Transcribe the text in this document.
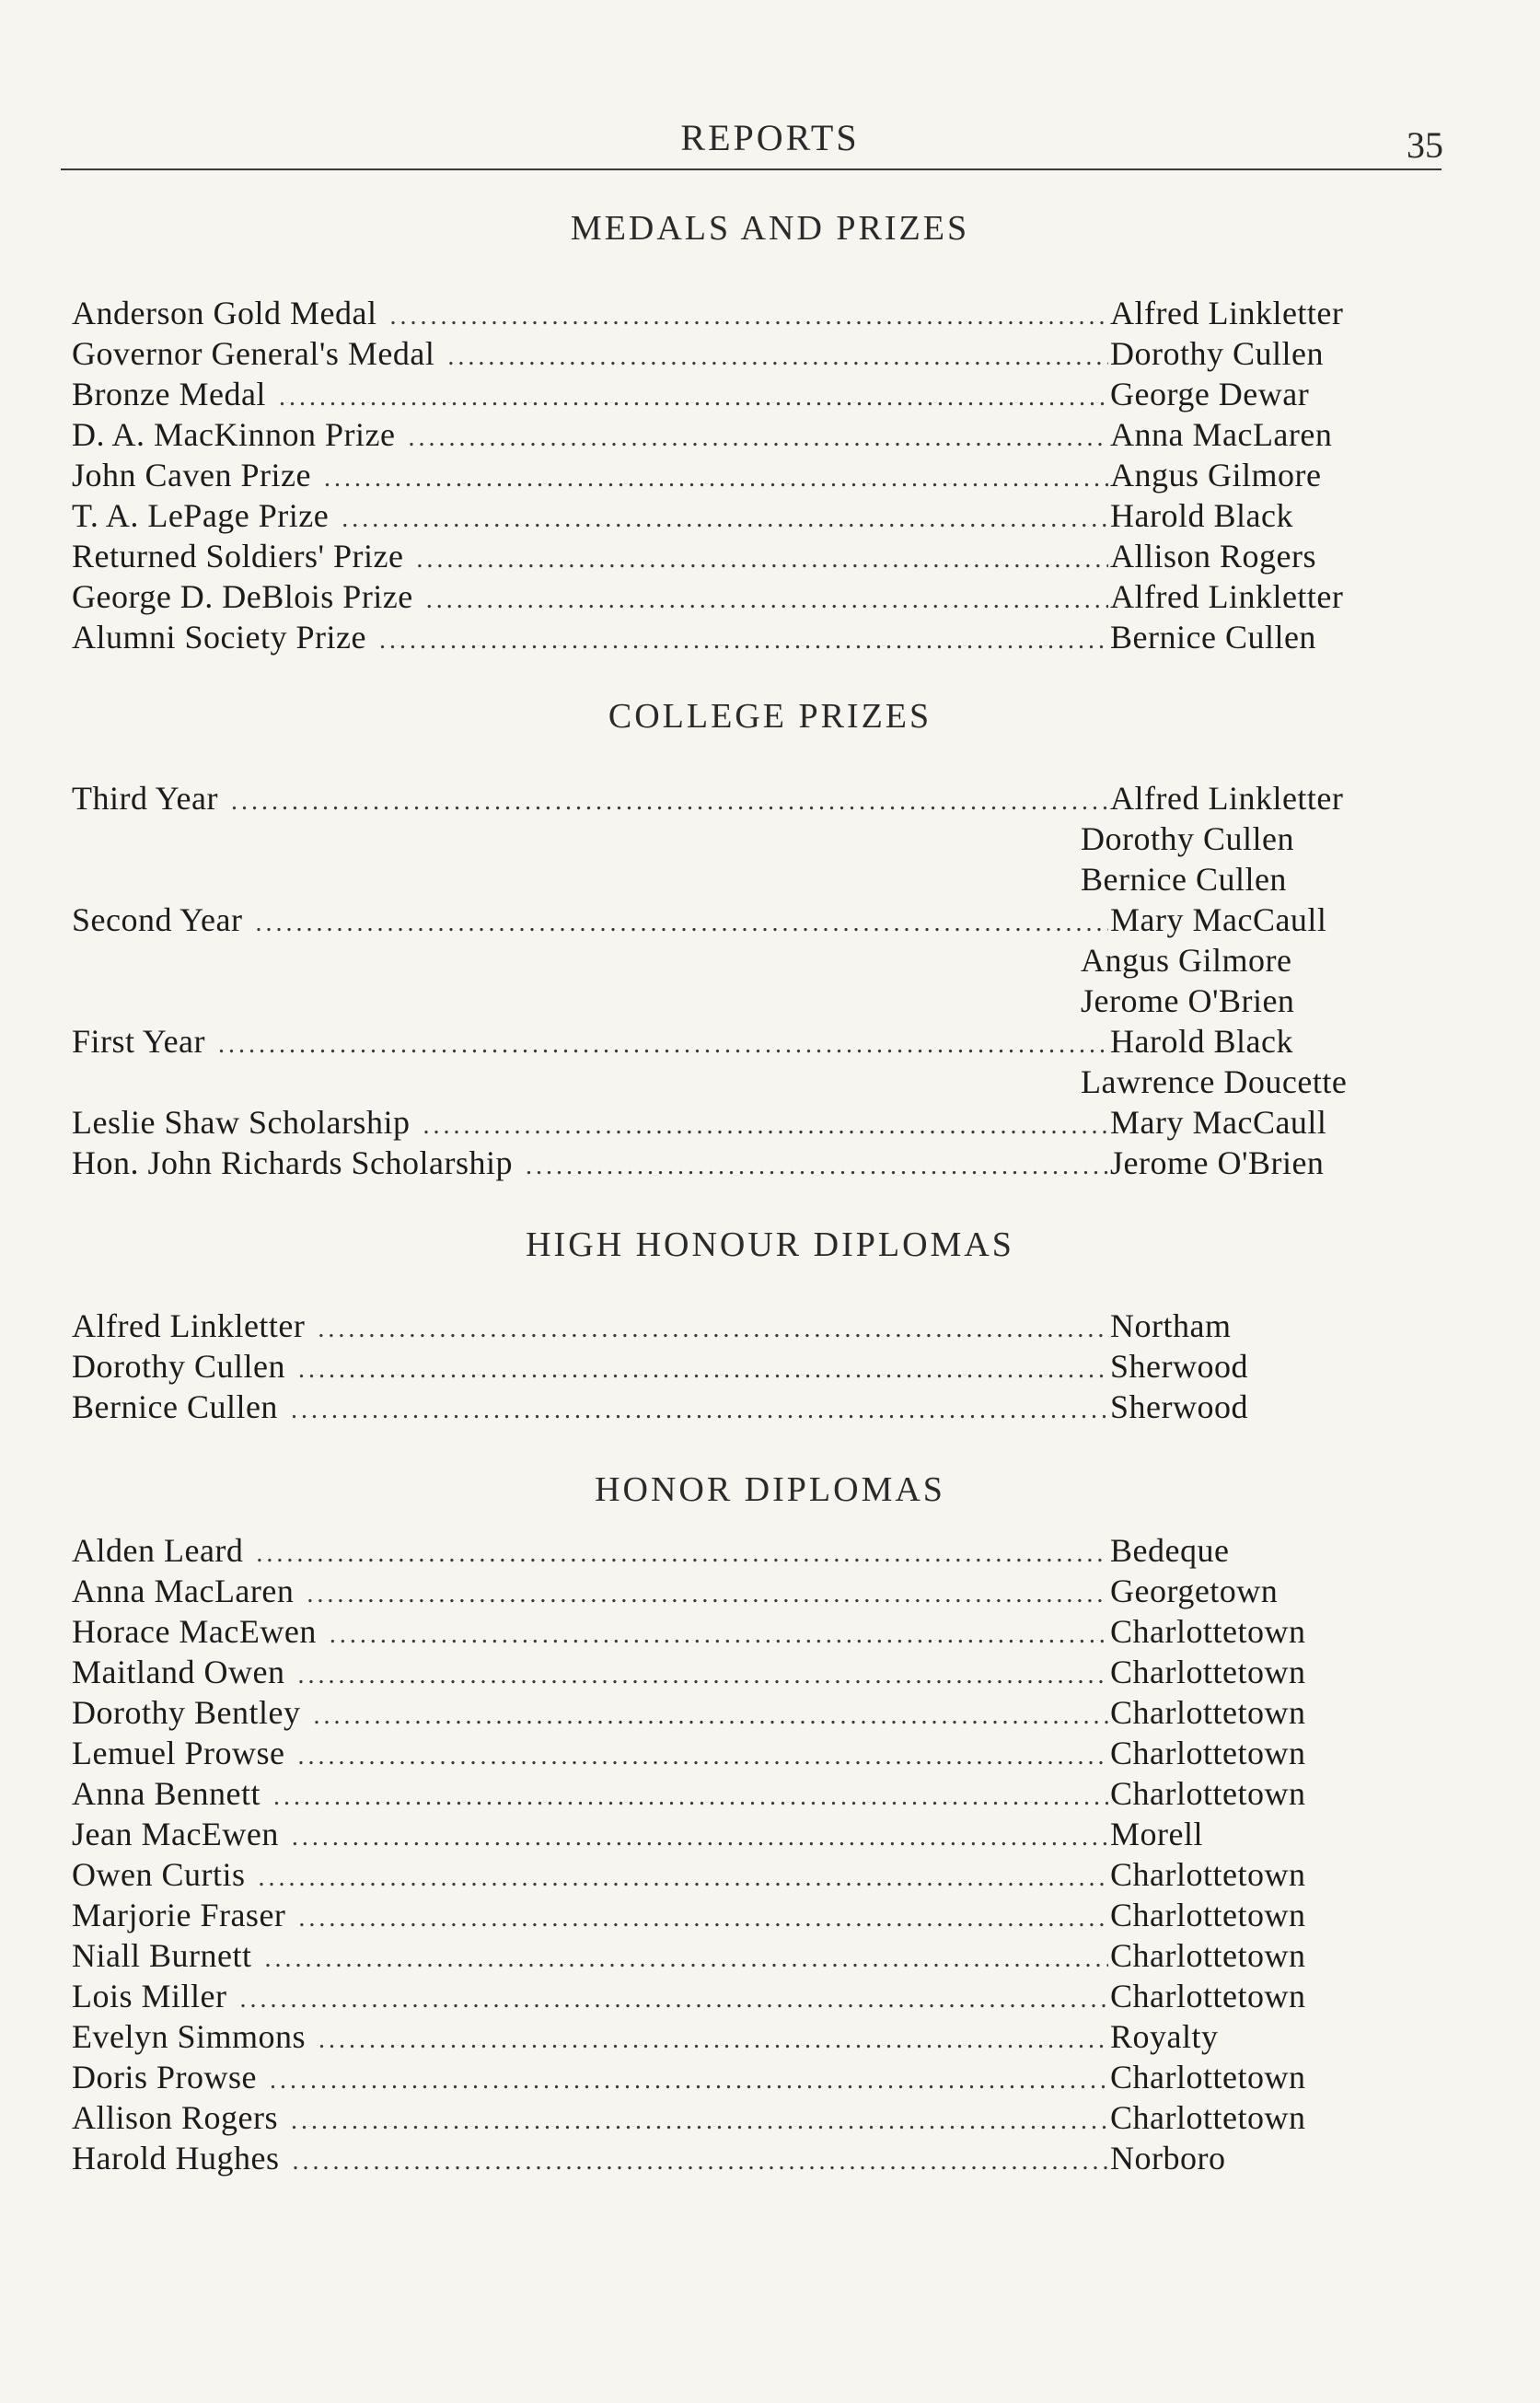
REPORTS	35
MEDALS AND PRIZES
Anderson Gold Medal .....	Alfred Linkletter
Governor General's Medal .....	Dorothy Cullen
Bronze Medal .....	George Dewar
D. A. MacKinnon Prize .....	Anna MacLaren
John Caven Prize .....	Angus Gilmore
T. A. LePage Prize .....	Harold Black
Returned Soldiers' Prize .....	Allison Rogers
George D. DeBlois Prize .....	Alfred Linkletter
Alumni Society Prize .....	Bernice Cullen
COLLEGE PRIZES
Third Year .....	Alfred Linkletter
Dorothy Cullen
Bernice Cullen
Second Year .....	Mary MacCaull
Angus Gilmore
Jerome O'Brien
First Year .....	Harold Black
Lawrence Doucette
Leslie Shaw Scholarship .....	Mary MacCaull
Hon. John Richards Scholarship .....	Jerome O'Brien
HIGH HONOUR DIPLOMAS
Alfred Linkletter .....	Northam
Dorothy Cullen .....	Sherwood
Bernice Cullen .....	Sherwood
HONOR DIPLOMAS
Alden Leard .....	Bedeque
Anna MacLaren .....	Georgetown
Horace MacEwen .....	Charlottetown
Maitland Owen .....	Charlottetown
Dorothy Bentley .....	Charlottetown
Lemuel Prowse .....	Charlottetown
Anna Bennett .....	Charlottetown
Jean MacEwen .....	Morell
Owen Curtis .....	Charlottetown
Marjorie Fraser .....	Charlottetown
Niall Burnett .....	Charlottetown
Lois Miller .....	Charlottetown
Evelyn Simmons .....	Royalty
Doris Prowse .....	Charlottetown
Allison Rogers .....	Charlottetown
Harold Hughes .....	Norboro
